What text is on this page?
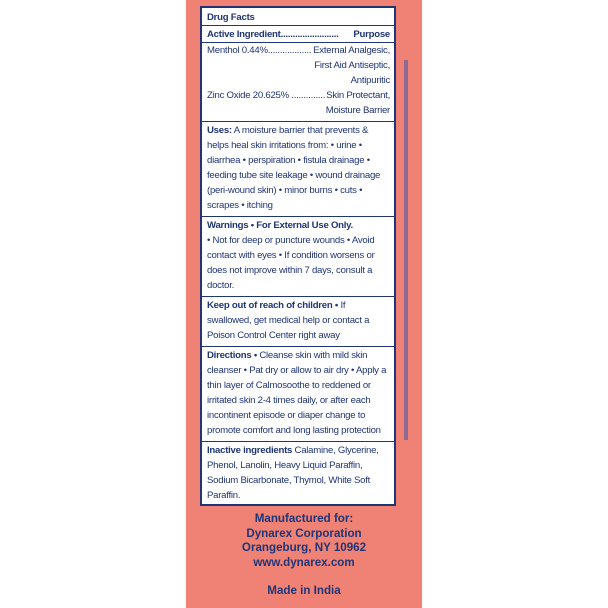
Drug Facts
Active Ingredient........................ Purpose
Menthol 0.44%.................. External Analgesic,
First Aid Antiseptic,
Antipuritic
Zinc Oxide 20.625% .............. Skin Protectant,
Moisture Barrier
Uses: A moisture barrier that prevents & helps heal skin irritations from: • urine • diarrhea • perspiration • fistula drainage • feeding tube site leakage • wound drainage (peri-wound skin) • minor burns • cuts • scrapes • itching
Warnings • For External Use Only.
• Not for deep or puncture wounds • Avoid contact with eyes • If condition worsens or does not improve within 7 days, consult a doctor.
Keep out of reach of children • If swallowed, get medical help or contact a Poison Control Center right away
Directions • Cleanse skin with mild skin cleanser • Pat dry or allow to air dry • Apply a thin layer of Calmosoothe to reddened or irritated skin 2-4 times daily, or after each incontinent episode or diaper change to promote comfort and long lasting protection
Inactive ingredients Calamine, Glycerine, Phenol, Lanolin, Heavy Liquid Paraffin, Sodium Bicarbonate, Thymol, White Soft Paraffin.
Manufactured for:
Dynarex Corporation
Orangeburg, NY 10962
www.dynarex.com
Made in India
